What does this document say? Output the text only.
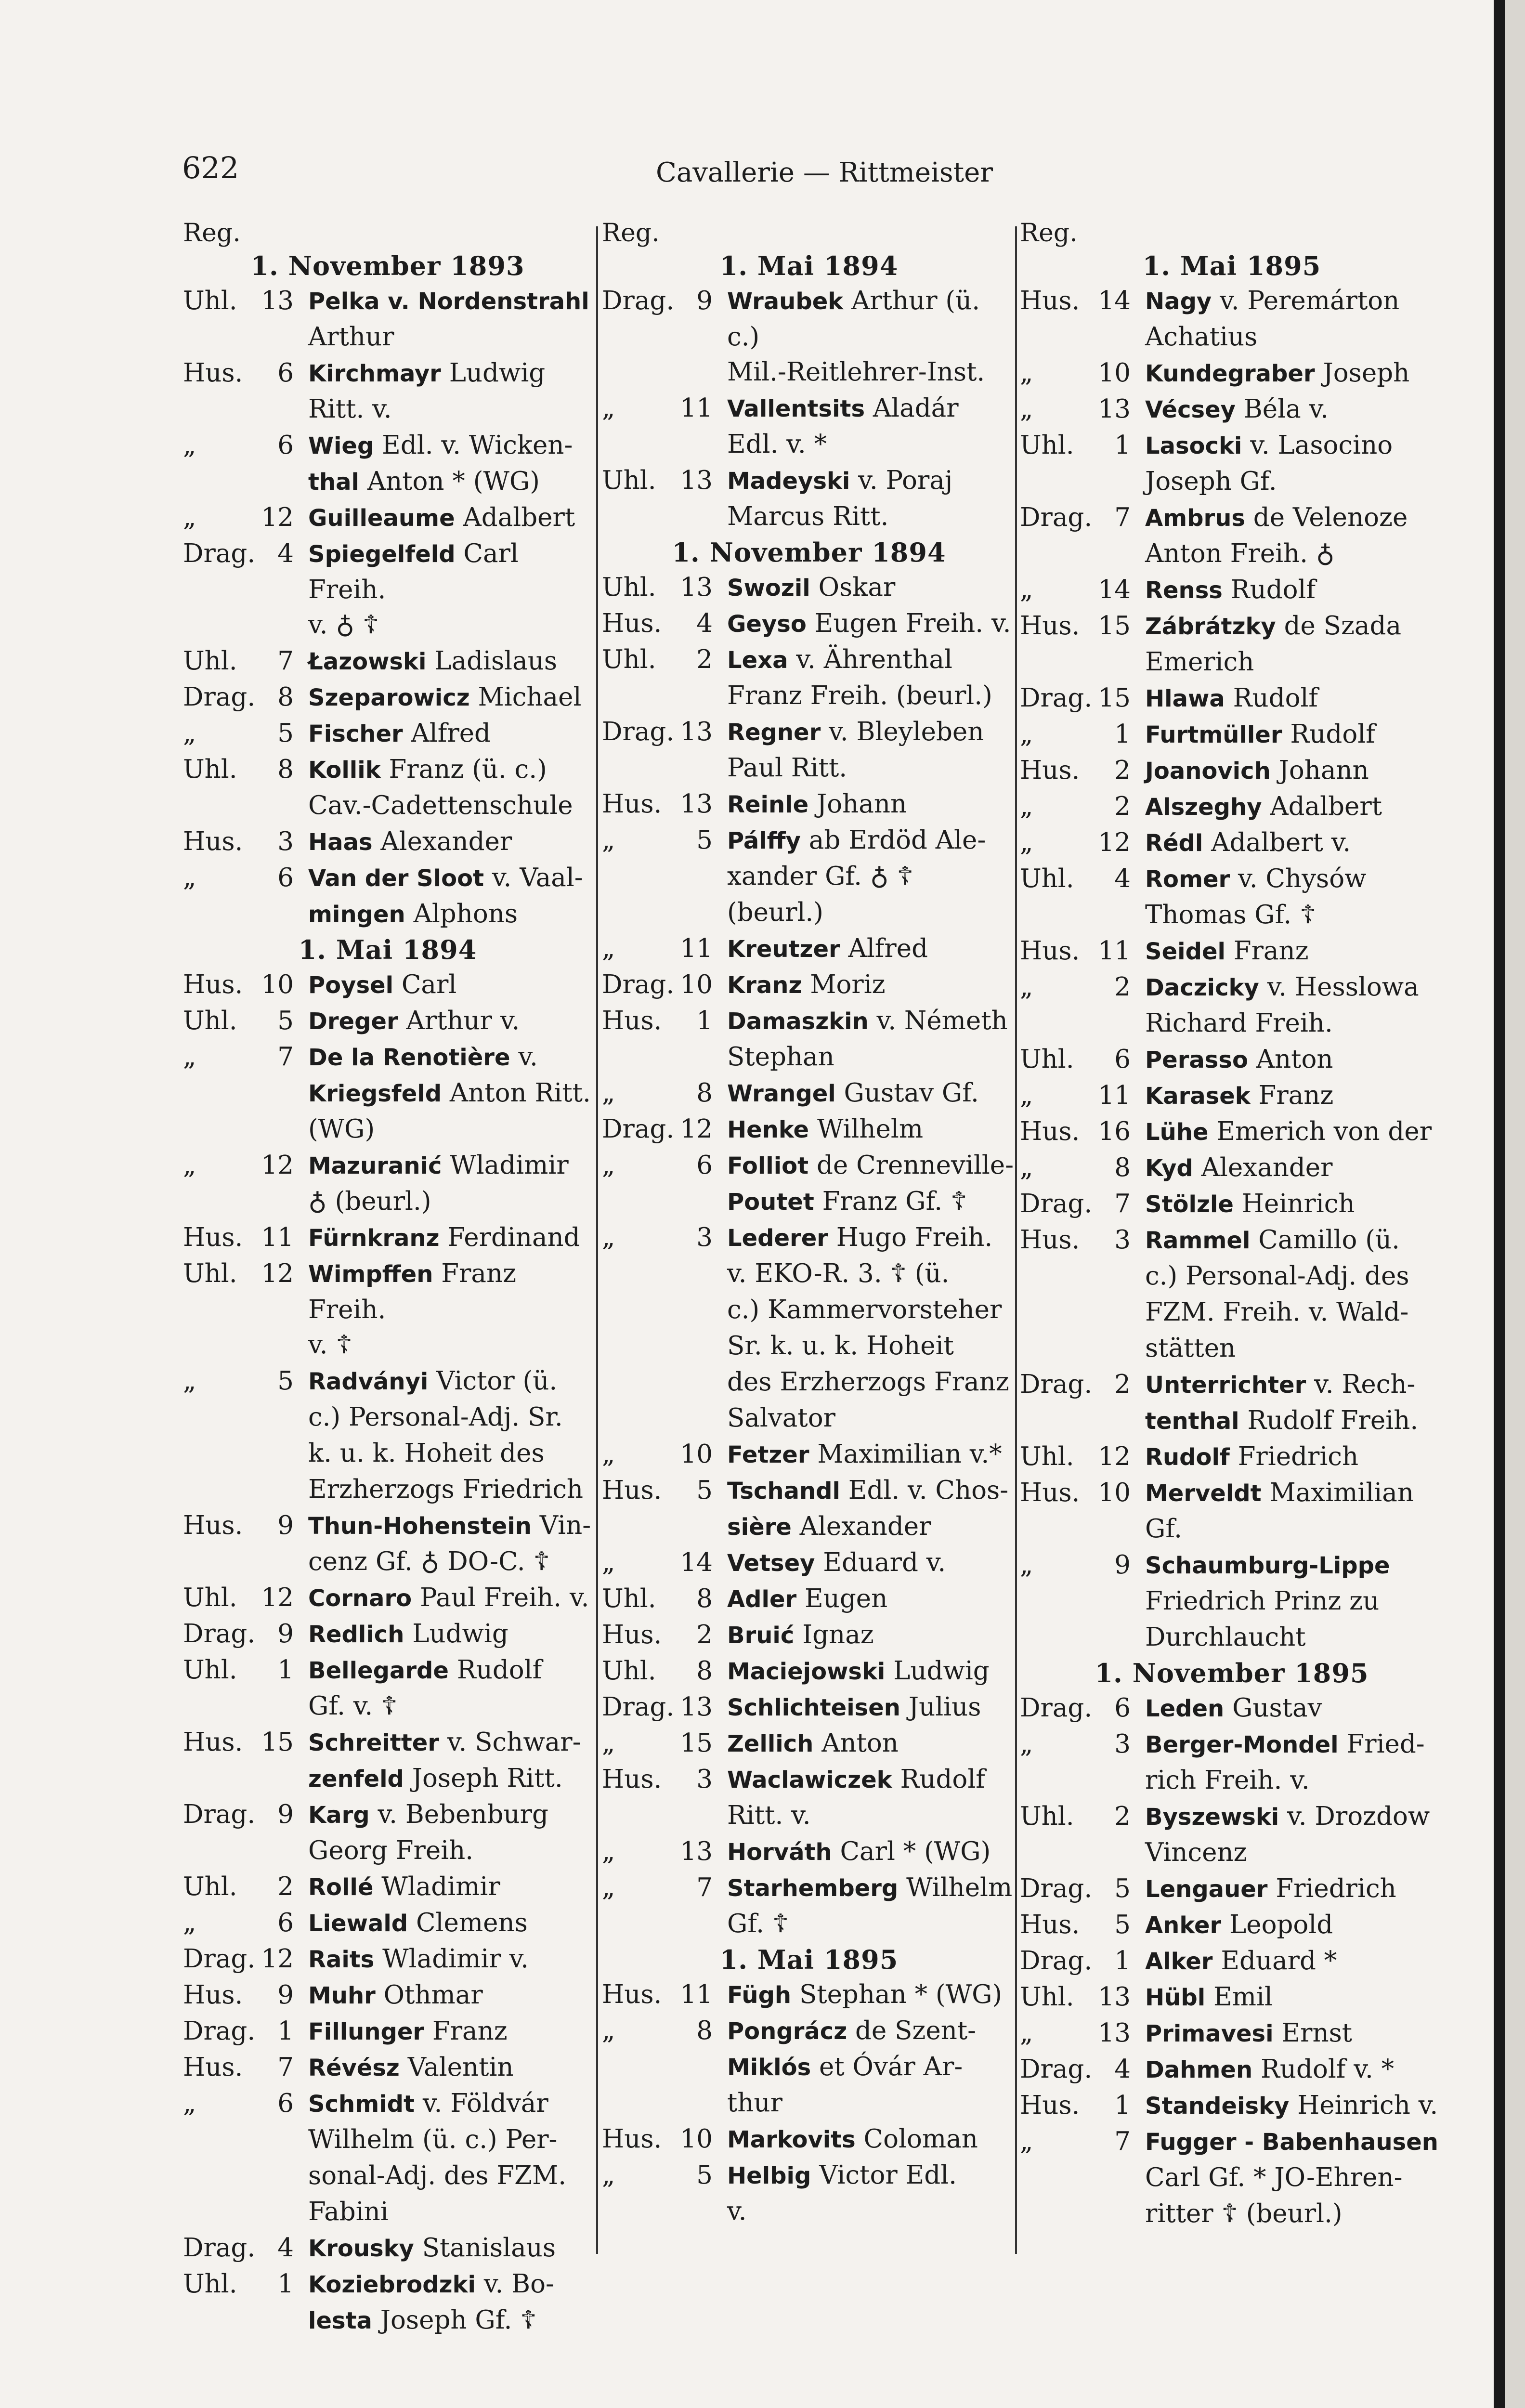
622	Cavallerie — Rittmeister
Reg.
1. November 1893
Uhl. 13 Pelka v. Nordenstrahl
Arthur
Hus.	6 Kirchmayr Ludwig
Ritt. v.
„	6 Wieg Edl. v. Wicken-
thal Anton * (WG)
„	12 Guilleaume Adalbert
Drag. 4 Spiegelfeld Carl Freih.
v. ♁ ☦
Uhl.	7 Łazowski Ladislaus
Drag. 8 Szeparowicz Michael
„	5 Fischer Alfred
Uhl.	8 Kollik Franz (ü. c.)
Cav.-Cadettenschule
Hus.	3 Haas Alexander
„	6 Van der Sloot v. Vaal-
mingen Alphons
1. Mai 1894
Hus. 10 Poysel Carl
Uhl.	5 Dreger Arthur v.
„	7 De la Renotière v.
Kriegsfeld Anton Ritt.
(WG)
„	12 Mazuranić Wladimir
♁ (beurl.)
Hus. 11 Fürnkranz Ferdinand
Uhl. 12 Wimpffen Franz Freih.
v. ☦
„	5 Radványi Victor (ü.
c.) Personal-Adj. Sr.
k. u. k. Hoheit des
Erzherzogs Friedrich
Hus.	9 Thun-Hohenstein Vin-
cenz Gf. ♁ DO-C. ☦
Uhl. 12 Cornaro Paul Freih. v.
Drag. 9 Redlich Ludwig
Uhl.	1 Bellegarde Rudolf
Gf. v. ☦
Hus. 15 Schreitter v. Schwar-
zenfeld Joseph Ritt.
Drag. 9 Karg v. Bebenburg
Georg Freih.
Uhl.	2 Rollé Wladimir
„	6 Liewald Clemens
Drag. 12 Raits Wladimir v.
Hus.	9 Muhr Othmar
Drag. 1 Fillunger Franz
Hus.	7 Révész Valentin
„	6 Schmidt v. Földvár
Wilhelm (ü. c.) Per-
sonal-Adj. des FZM.
Fabini
Drag. 4 Krousky Stanislaus
Uhl.	1 Koziebrodzki v. Bo-
lesta Joseph Gf. ☦
Reg.
1. Mai 1894
Drag. 9 Wraubek Arthur (ü. c.)
Mil.-Reitlehrer-Inst.
„	11 Vallentsits Aladár
Edl. v. *
Uhl. 13 Madeyski v. Poraj
Marcus Ritt.
1. November 1894
Uhl. 13 Swozil Oskar
Hus.	4 Geyso Eugen Freih. v.
Uhl.	2 Lexa v. Ährenthal
Franz Freih. (beurl.)
Drag. 13 Regner v. Bleyleben
Paul Ritt.
Hus. 13 Reinle Johann
„	5 Pálffy ab Erdöd Ale-
xander Gf. ♁ ☦
(beurl.)
„	11 Kreutzer Alfred
Drag. 10 Kranz Moriz
Hus.	1 Damaszkin v. Németh
Stephan
„	8 Wrangel Gustav Gf.
Drag. 12 Henke Wilhelm
„	6 Folliot de Crenneville-
Poutet Franz Gf. ☦
„	3 Lederer Hugo Freih.
v. EKO-R. 3. ☦ (ü.
c.) Kammervorsteher
Sr. k. u. k. Hoheit
des Erzherzogs Franz
Salvator
„	10 Fetzer Maximilian v.*
Hus.	5 Tschandl Edl. v. Chos-
sière Alexander
„	14 Vetsey Eduard v.
Uhl.	8 Adler Eugen
Hus.	2 Bruić Ignaz
Uhl.	8 Maciejowski Ludwig
Drag. 13 Schlichteisen Julius
„	15 Zellich Anton
Hus.	3 Waclawiczek Rudolf
Ritt. v.
„	13 Horváth Carl * (WG)
„	7 Starhemberg Wilhelm
Gf. ☦
1. Mai 1895
Hus. 11 Fügh Stephan * (WG)
„	8 Pongrácz de Szent-
Miklós et Óvár Ar-
thur
Hus. 10 Markovits Coloman
„	5 Helbig Victor Edl.
v.
Reg.
1. Mai 1895
Hus. 14 Nagy v. Peremárton
Achatius
„	10 Kundegraber Joseph
„	13 Vécsey Béla v.
Uhl.	1 Lasocki v. Lasocino
Joseph Gf.
Drag. 7 Ambrus de Velenoze
Anton Freih. ♁
„	14 Renss Rudolf
Hus. 15 Zábrátzky de Szada
Emerich
Drag. 15 Hlawa Rudolf
„	1 Furtmüller Rudolf
Hus.	2 Joanovich Johann
„	2 Alszeghy Adalbert
„	12 Rédl Adalbert v.
Uhl.	4 Romer v. Chysów
Thomas Gf. ☦
Hus. 11 Seidel Franz
„	2 Daczicky v. Hesslowa
Richard Freih.
Uhl.	6 Perasso Anton
„	11 Karasek Franz
Hus. 16 Lühe Emerich von der
„	8 Kyd Alexander
Drag. 7 Stölzle Heinrich
Hus.	3 Rammel Camillo (ü.
c.) Personal-Adj. des
FZM. Freih. v. Wald-
stätten
Drag. 2 Unterrichter v. Rech-
tenthal Rudolf Freih.
Uhl. 12 Rudolf Friedrich
Hus. 10 Merveldt Maximilian
Gf.
„	9 Schaumburg-Lippe
Friedrich Prinz zu
Durchlaucht
1. November 1895
Drag. 6 Leden Gustav
„	3 Berger-Mondel Fried-
rich Freih. v.
Uhl.	2 Byszewski v. Drozdow
Vincenz
Drag. 5 Lengauer Friedrich
Hus.	5 Anker Leopold
Drag. 1 Alker Eduard *
Uhl. 13 Hübl Emil
„	13 Primavesi Ernst
Drag. 4 Dahmen Rudolf v. *
Hus.	1 Standeisky Heinrich v.
„	7 Fugger - Babenhausen
Carl Gf. * JO-Ehren-
ritter ☦ (beurl.)
